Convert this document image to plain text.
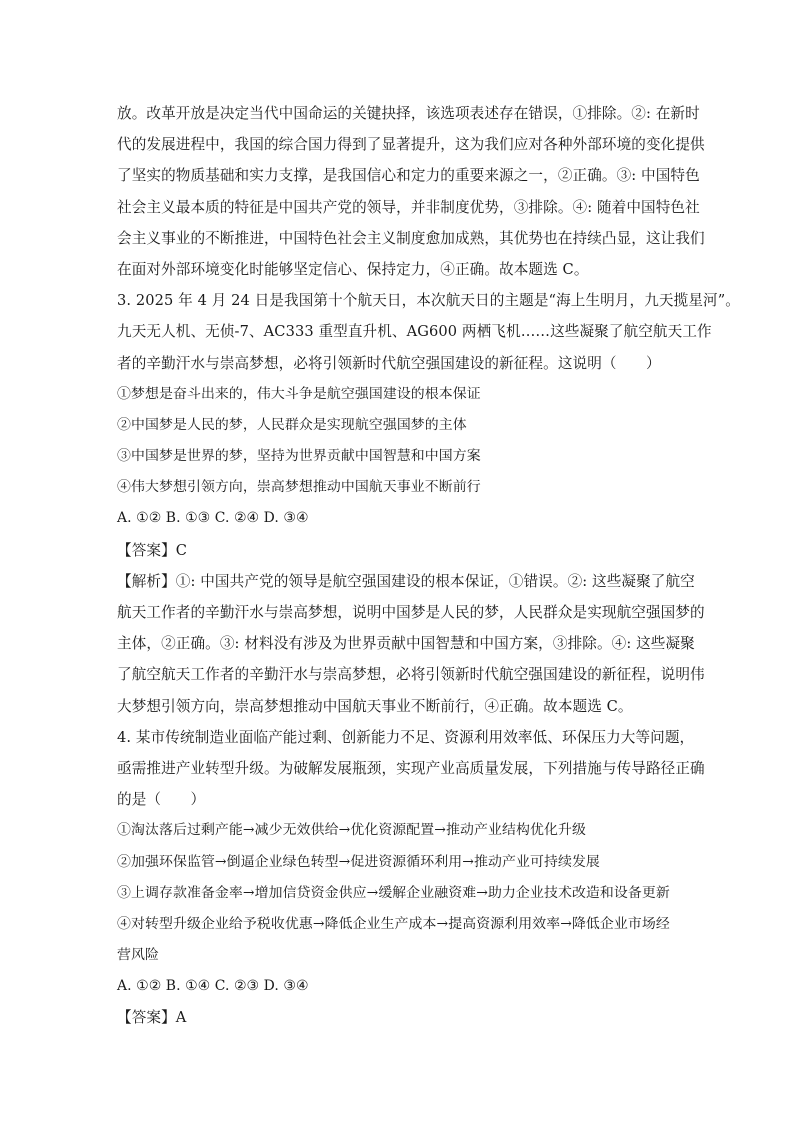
放。改革开放是决定当代中国命运的关键抉择，该选项表述存在错误，①排除。②: 在新时
代的发展进程中，我国的综合国力得到了显著提升，这为我们应对各种外部环境的变化提供
了坚实的物质基础和实力支撑，是我国信心和定力的重要来源之一，②正确。③: 中国特色
社会主义最本质的特征是中国共产党的领导，并非制度优势，③排除。④: 随着中国特色社
会主义事业的不断推进，中国特色社会主义制度愈加成熟，其优势也在持续凸显，这让我们
在面对外部环境变化时能够坚定信心、保持定力，④正确。故本题选 C。
3. 2025 年 4 月 24 日是我国第十个航天日，本次航天日的主题是“海上生明月，九天揽星河”。
九天无人机、无侦-7、AC333 重型直升机、AG600 两栖飞机……这些凝聚了航空航天工作
者的辛勤汗水与崇高梦想，必将引领新时代航空强国建设的新征程。这说明（　　）
①梦想是奋斗出来的，伟大斗争是航空强国建设的根本保证
②中国梦是人民的梦，人民群众是实现航空强国梦的主体
③中国梦是世界的梦，坚持为世界贡献中国智慧和中国方案
④伟大梦想引领方向，崇高梦想推动中国航天事业不断前行
A. ①② B. ①③ C. ②④ D. ③④
【答案】C
【解析】①: 中国共产党的领导是航空强国建设的根本保证，①错误。②: 这些凝聚了航空
航天工作者的辛勤汗水与崇高梦想，说明中国梦是人民的梦，人民群众是实现航空强国梦的
主体，②正确。③: 材料没有涉及为世界贡献中国智慧和中国方案，③排除。④: 这些凝聚
了航空航天工作者的辛勤汗水与崇高梦想，必将引领新时代航空强国建设的新征程，说明伟
大梦想引领方向，崇高梦想推动中国航天事业不断前行，④正确。故本题选 C。
4. 某市传统制造业面临产能过剩、创新能力不足、资源利用效率低、环保压力大等问题，
亟需推进产业转型升级。为破解发展瓶颈，实现产业高质量发展，下列措施与传导路径正确
的是（　　）
①淘汰落后过剩产能→减少无效供给→优化资源配置→推动产业结构优化升级
②加强环保监管→倒逼企业绿色转型→促进资源循环利用→推动产业可持续发展
③上调存款准备金率→增加信贷资金供应→缓解企业融资难→助力企业技术改造和设备更新
④对转型升级企业给予税收优惠→降低企业生产成本→提高资源利用效率→降低企业市场经
营风险
A. ①② B. ①④ C. ②③ D. ③④
【答案】A
